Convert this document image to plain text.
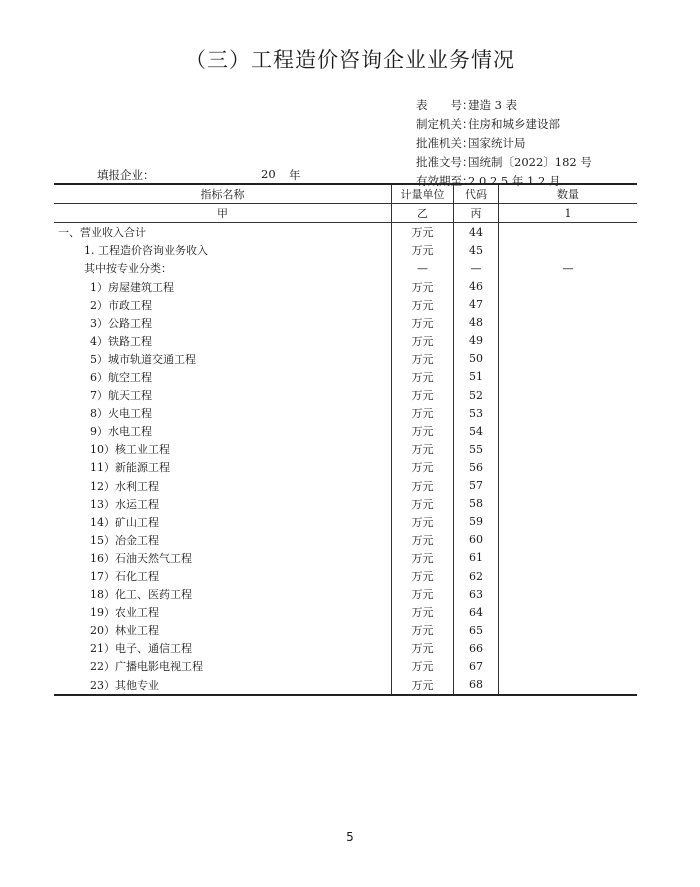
（三）工程造价咨询企业业务情况
表　　号：建造 3 表
制定机关：住房和城乡建设部
批准机关：国家统计局
批准文号：国统制〔2022〕182 号
有效期至：2 0 2 5 年 1 2 月
填报企业：	20 年
指标名称	计量单位	代码	数量
甲	乙	丙	1
一、营业收入合计	万元	44	
1. 工程造价咨询业务收入	万元	45	
其中按专业分类：	—	—	—
1）房屋建筑工程	万元	46	
2）市政工程	万元	47	
3）公路工程	万元	48	
4）铁路工程	万元	49	
5）城市轨道交通工程	万元	50	
6）航空工程	万元	51	
7）航天工程	万元	52	
8）火电工程	万元	53	
9）水电工程	万元	54	
10）核工业工程	万元	55	
11）新能源工程	万元	56	
12）水利工程	万元	57	
13）水运工程	万元	58	
14）矿山工程	万元	59	
15）冶金工程	万元	60	
16）石油天然气工程	万元	61	
17）石化工程	万元	62	
18）化工、医药工程	万元	63	
19）农业工程	万元	64	
20）林业工程	万元	65	
21）电子、通信工程	万元	66	
22）广播电影电视工程	万元	67	
23）其他专业	万元	68	
5
